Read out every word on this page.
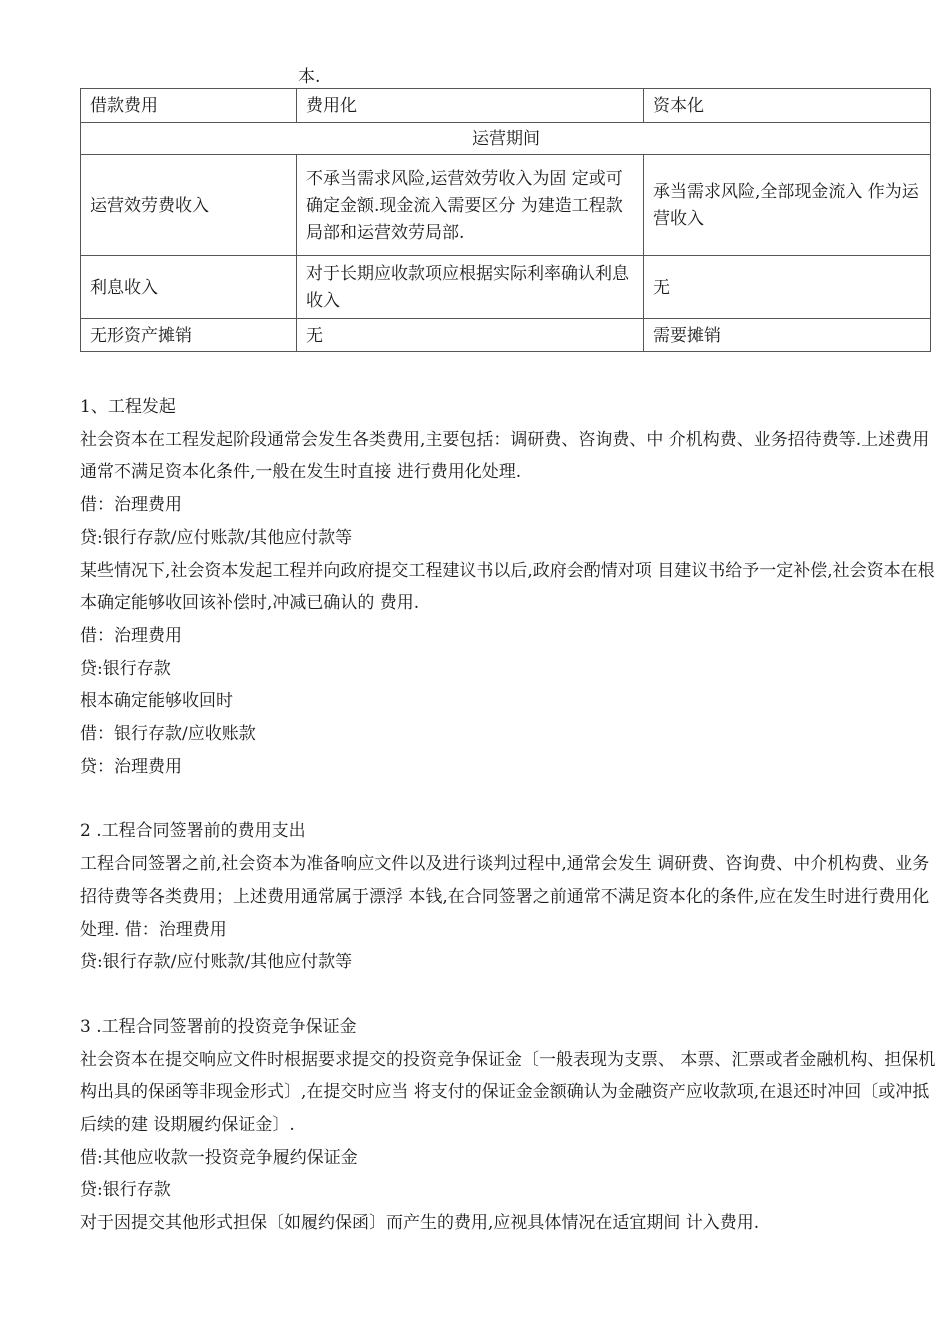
本.
借款费用	费用化	资本化
运营期间		
运营效劳费收入	不承当需求风险,运营效劳收入为固 定或可确定金额.现金流入需要区分 为建造工程款局部和运营效劳局部.	承当需求风险,全部现金流入 作为运营收入
利息收入	对于长期应收款项应根据实际利率确认利息收入	无
无形资产摊销	无	需要摊销

1、工程发起

社会资本在工程发起阶段通常会发生各类费用,主要包括：调研费、咨询费、中 介机构费、业务招待费等.上述费用通常不满足资本化条件,一般在发生时直接 进行费用化处理.

借：治理费用

贷:银行存款/应付账款/其他应付款等

某些情况下,社会资本发起工程并向政府提交工程建议书以后,政府会酌情对项 目建议书给予一定补偿,社会资本在根本确定能够收回该补偿时,冲减已确认的 费用.

借：治理费用

贷:银行存款

根本确定能够收回时

借：银行存款/应收账款

贷：治理费用

2 .工程合同签署前的费用支出

工程合同签署之前,社会资本为准备响应文件以及进行谈判过程中,通常会发生 调研费、咨询费、中介机构费、业务招待费等各类费用；上述费用通常属于漂浮 本钱,在合同签署之前通常不满足资本化的条件,应在发生时进行费用化处理. 借：治理费用

贷:银行存款/应付账款/其他应付款等

3 .工程合同签署前的投资竞争保证金

社会资本在提交响应文件时根据要求提交的投资竞争保证金〔一般表现为支票、 本票、汇票或者金融机构、担保机构出具的保函等非现金形式〕,在提交时应当 将支付的保证金金额确认为金融资产应收款项,在退还时冲回〔或冲抵后续的建 设期履约保证金〕.

借:其他应收款一投资竞争履约保证金

贷:银行存款

对于因提交其他形式担保〔如履约保函〕而产生的费用,应视具体情况在适宜期间 计入费用.
